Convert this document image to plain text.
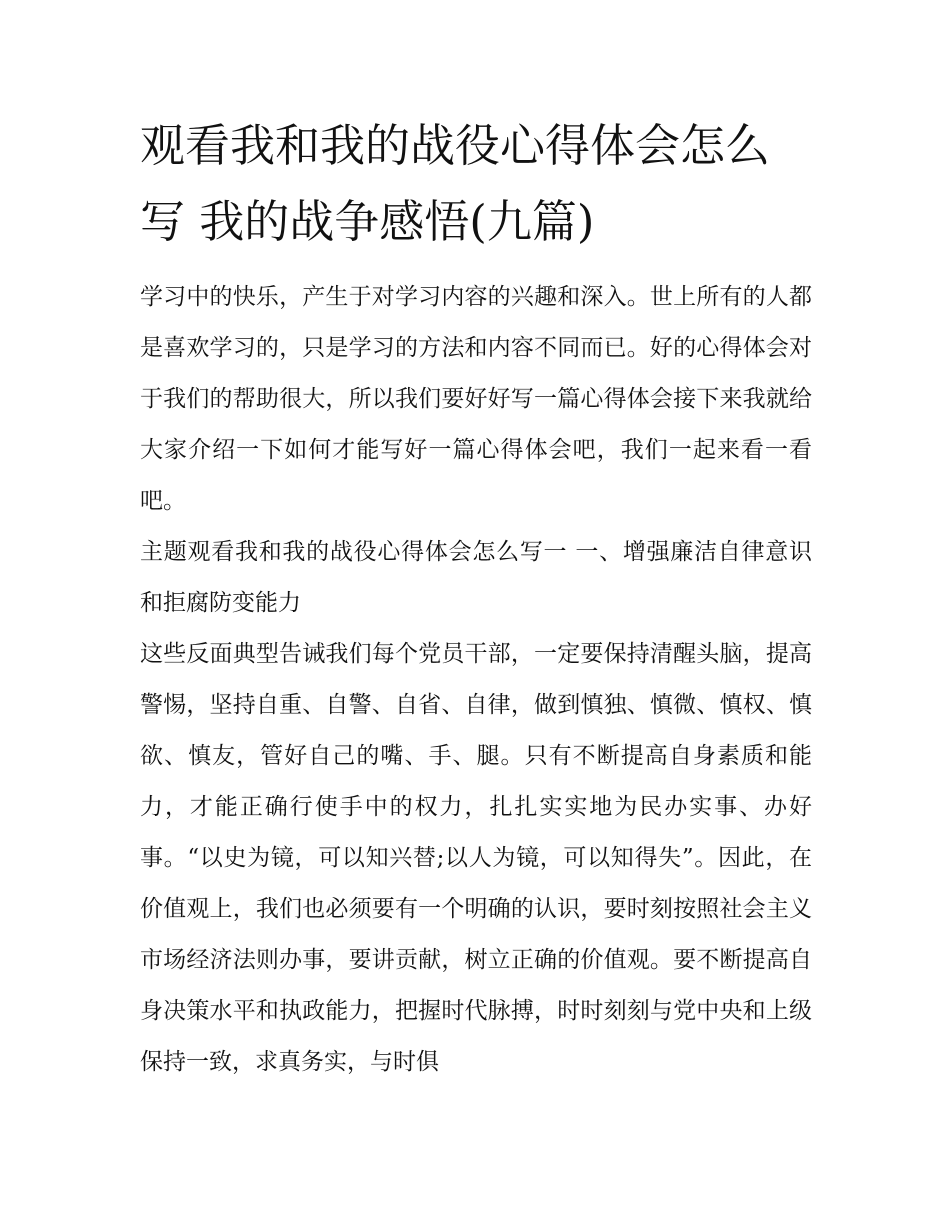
观看我和我的战役心得体会怎么写 我的战争感悟(九篇)

学习中的快乐，产生于对学习内容的兴趣和深入。世上所有的人都是喜欢学习的，只是学习的方法和内容不同而已。好的心得体会对于我们的帮助很大，所以我们要好好写一篇心得体会接下来我就给大家介绍一下如何才能写好一篇心得体会吧，我们一起来看一看吧。

主题观看我和我的战役心得体会怎么写一 一、增强廉洁自律意识和拒腐防变能力

这些反面典型告诫我们每个党员干部，一定要保持清醒头脑，提高警惕，坚持自重、自警、自省、自律，做到慎独、慎微、慎权、慎欲、慎友，管好自己的嘴、手、腿。只有不断提高自身素质和能力，才能正确行使手中的权力，扎扎实实地为民办实事、办好事。“以史为镜，可以知兴替;以人为镜，可以知得失”。因此，在价值观上，我们也必须要有一个明确的认识，要时刻按照社会主义市场经济法则办事，要讲贡献，树立正确的价值观。要不断提高自身决策水平和执政能力，把握时代脉搏，时时刻刻与党中央和上级保持一致，求真务实，与时俱
